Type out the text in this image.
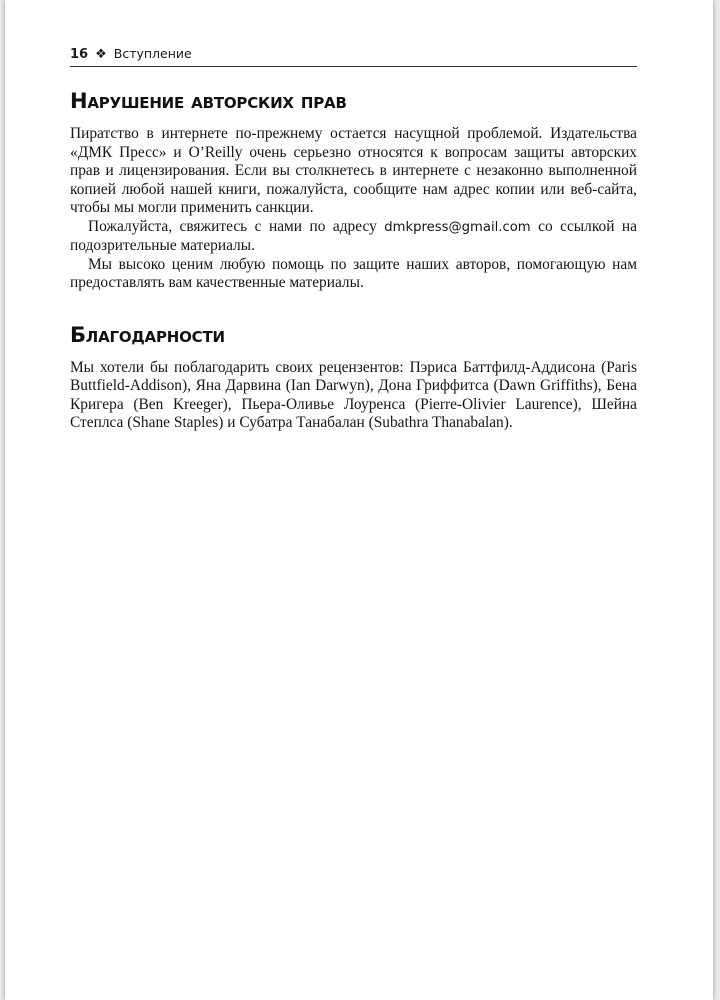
16 ❖ Вступление
Нарушение авторских прав

Пиратство в интернете по-прежнему остается насущной проблемой. Издательства «ДМК Пресс» и O’Reilly очень серьезно относятся к вопросам защиты авторских прав и лицензирования. Если вы столкнетесь в интернете с незаконно выполненной копией любой нашей книги, пожалуйста, сообщите нам адрес копии или веб-сайта, чтобы мы могли применить санкции.

Пожалуйста, свяжитесь с нами по адресу dmkpress@gmail.com со ссылкой на подозрительные материалы.

Мы высоко ценим любую помощь по защите наших авторов, помогающую нам предоставлять вам качественные материалы.

Благодарности

Мы хотели бы поблагодарить своих рецензентов: Пэриса Баттфилд-Аддисона (Paris Buttfield-Addison), Яна Дарвина (Ian Darwyn), Дона Гриффитса (Dawn Griffiths), Бена Кригера (Ben Kreeger), Пьера-Оливье Лоуренса (Pierre-Olivier Laurence), Шейна Степлса (Shane Staples) и Субатра Танабалан (Subathra Thanabalan).
